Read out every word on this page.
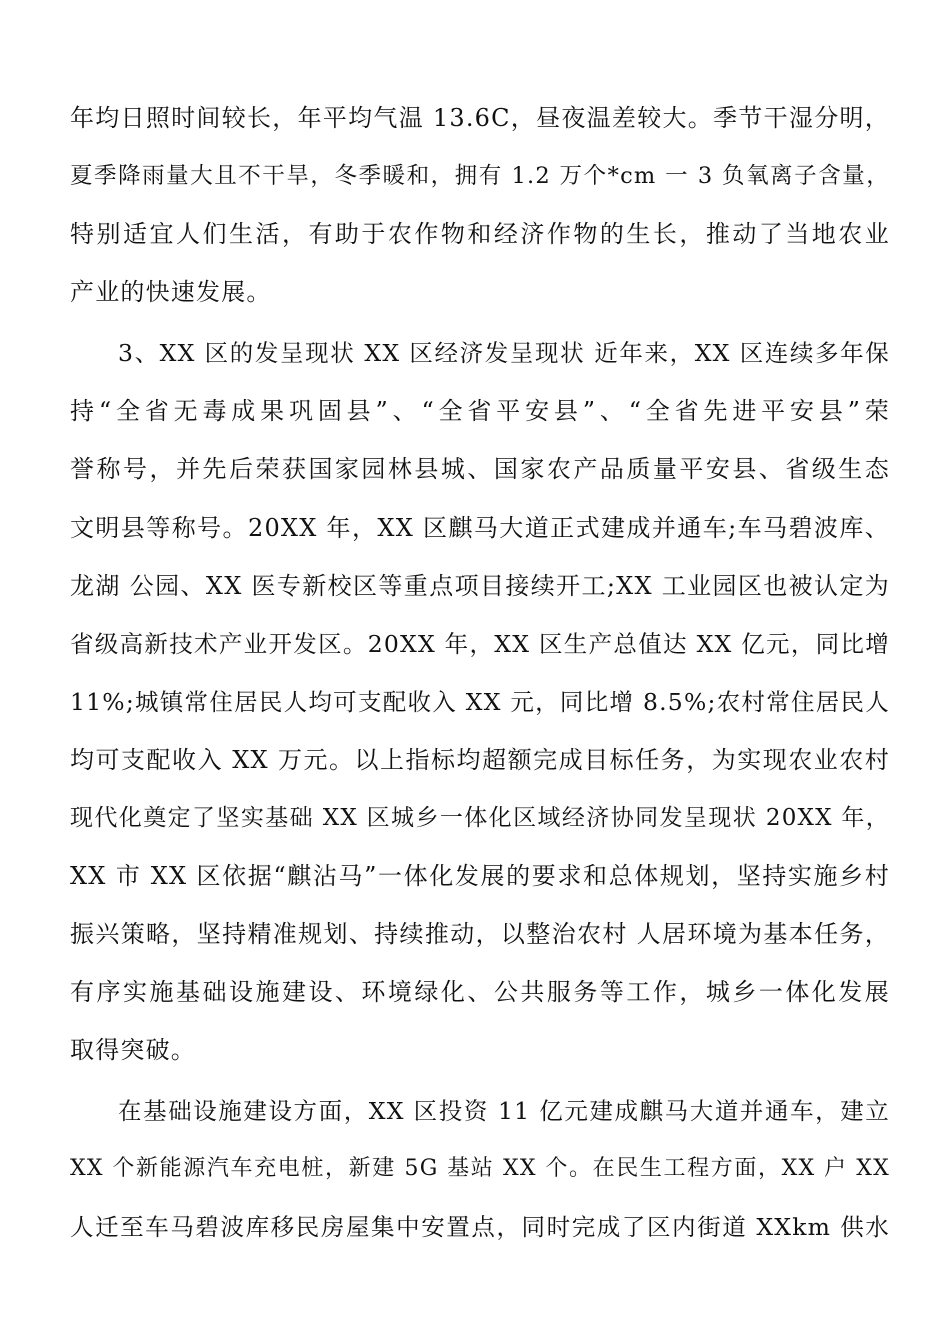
年均日照时间较长，年平均气温 13.6C，昼夜温差较大。季节干湿分明，
夏季降雨量大且不干旱，冬季暖和，拥有 1.2 万个*cm 一 3 负氧离子含量，
特别适宜人们生活，有助于农作物和经济作物的生长，推动了当地农业
产业的快速发展。
3、XX 区的发呈现状 XX 区经济发呈现状 近年来，XX 区连续多年保
持“全省无毒成果巩固县”、“全省平安县”、“全省先进平安县”荣
誉称号，并先后荣获国家园林县城、国家农产品质量平安县、省级生态
文明县等称号。20XX 年，XX 区麒马大道正式建成并通车;车马碧波库、
龙湖 公园、XX 医专新校区等重点项目接续开工;XX 工业园区也被认定为
省级高新技术产业开发区。20XX 年，XX 区生产总值达 XX 亿元，同比增
11%;城镇常住居民人均可支配收入 XX 元，同比增 8.5%;农村常住居民人
均可支配收入 XX 万元。以上指标均超额完成目标任务，为实现农业农村
现代化奠定了坚实基础 XX 区城乡一体化区域经济协同发呈现状 20XX 年，
XX 市 XX 区依据“麒沾马”一体化发展的要求和总体规划，坚持实施乡村
振兴策略，坚持精准规划、持续推动，以整治农村 人居环境为基本任务，
有序实施基础设施建设、环境绿化、公共服务等工作，城乡一体化发展
取得突破。
在基础设施建设方面，XX 区投资 11 亿元建成麒马大道并通车，建立
XX 个新能源汽车充电桩，新建 5G 基站 XX 个。在民生工程方面，XX 户 XX
人迁至车马碧波库移民房屋集中安置点，同时完成了区内街道 XXkm 供水
